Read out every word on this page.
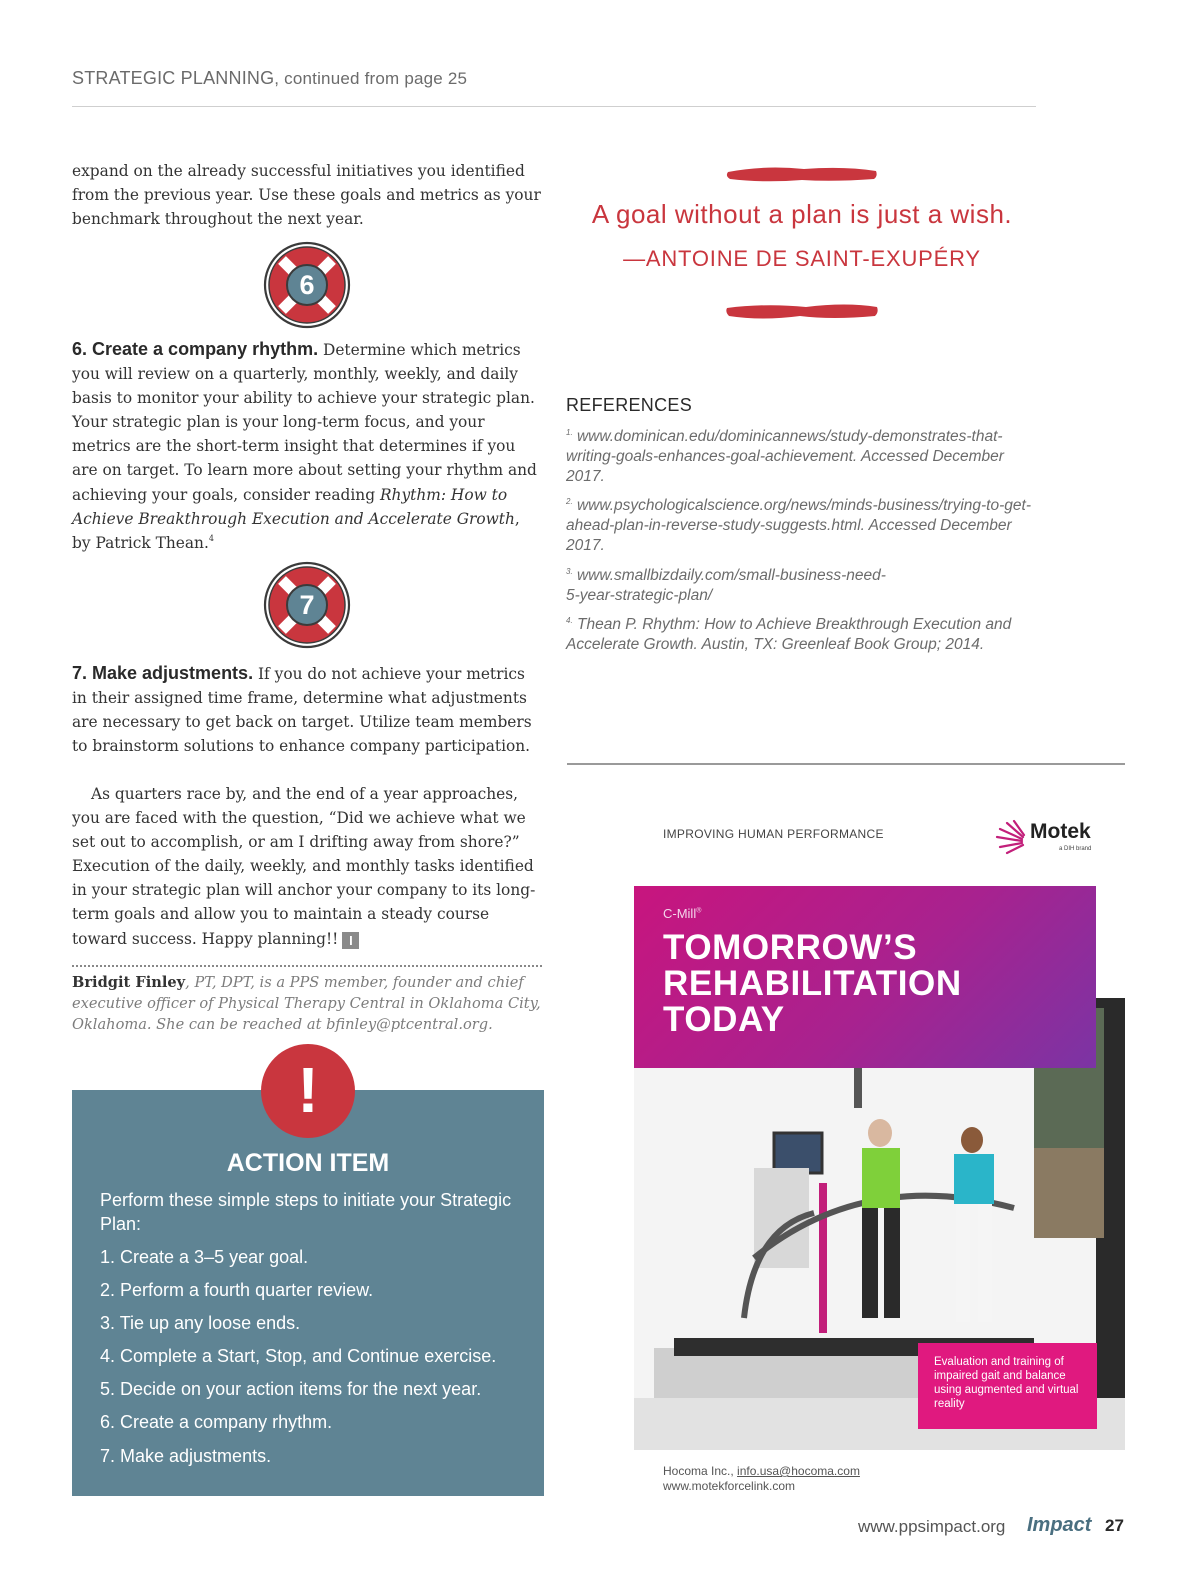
STRATEGIC PLANNING, continued from page 25
expand on the already successful initiatives you identified from the previous year. Use these goals and metrics as your benchmark throughout the next year.
6
6. Create a company rhythm. Determine which metrics you will review on a quarterly, monthly, weekly, and daily basis to monitor your ability to achieve your strategic plan. Your strategic plan is your long-term focus, and your metrics are the short-term insight that determines if you are on target. To learn more about setting your rhythm and achieving your goals, consider reading Rhythm: How to Achieve Breakthrough Execution and Accelerate Growth, by Patrick Thean.$^4$
7
7. Make adjustments. If you do not achieve your metrics in their assigned time frame, determine what adjustments are necessary to get back on target. Utilize team members to brainstorm solutions to enhance company participation.
As quarters race by, and the end of a year approaches, you are faced with the question, “Did we achieve what we set out to accomplish, or am I drifting away from shore?” Execution of the daily, weekly, and monthly tasks identified in your strategic plan will anchor your company to its long-term goals and allow you to maintain a steady course toward success. Happy planning!! I
Bridgit Finley, PT, DPT, is a PPS member, founder and chief executive officer of Physical Therapy Central in Oklahoma City, Oklahoma. She can be reached at bfinley@ptcentral.org.
!
ACTION ITEM
Perform these simple steps to initiate your Strategic Plan:
1. Create a 3–5 year goal.
2. Perform a fourth quarter review.
3. Tie up any loose ends.
4. Complete a Start, Stop, and Continue exercise.
5. Decide on your action items for the next year.
6. Create a company rhythm.
7. Make adjustments.
A goal without a plan is just a wish.
—ANTOINE DE SAINT-EXUPÉRY
REFERENCES
$^{1.}$ www.dominican.edu/dominicannews/study-demonstrates-that-writing-goals-enhances-goal-achievement. Accessed December 2017.
$^{2.}$ www.psychologicalscience.org/news/minds-business/trying-to-get-ahead-plan-in-reverse-study-suggests.html. Accessed December 2017.
$^{3.}$ www.smallbizdaily.com/small-business-need-5-year-strategic-plan/
$^{4.}$ Thean P. Rhythm: How to Achieve Breakthrough Execution and Accelerate Growth. Austin, TX: Greenleaf Book Group; 2014.
IMPROVING HUMAN PERFORMANCE	Motek
a DIH brand
C-Mill®
TOMORROW’S REHABILITATION TODAY
Evaluation and training of impaired gait and balance using augmented and virtual reality
Hocoma Inc., info.usa@hocoma.com
www.motekforcelink.com
www.ppsimpact.org Impact 27
